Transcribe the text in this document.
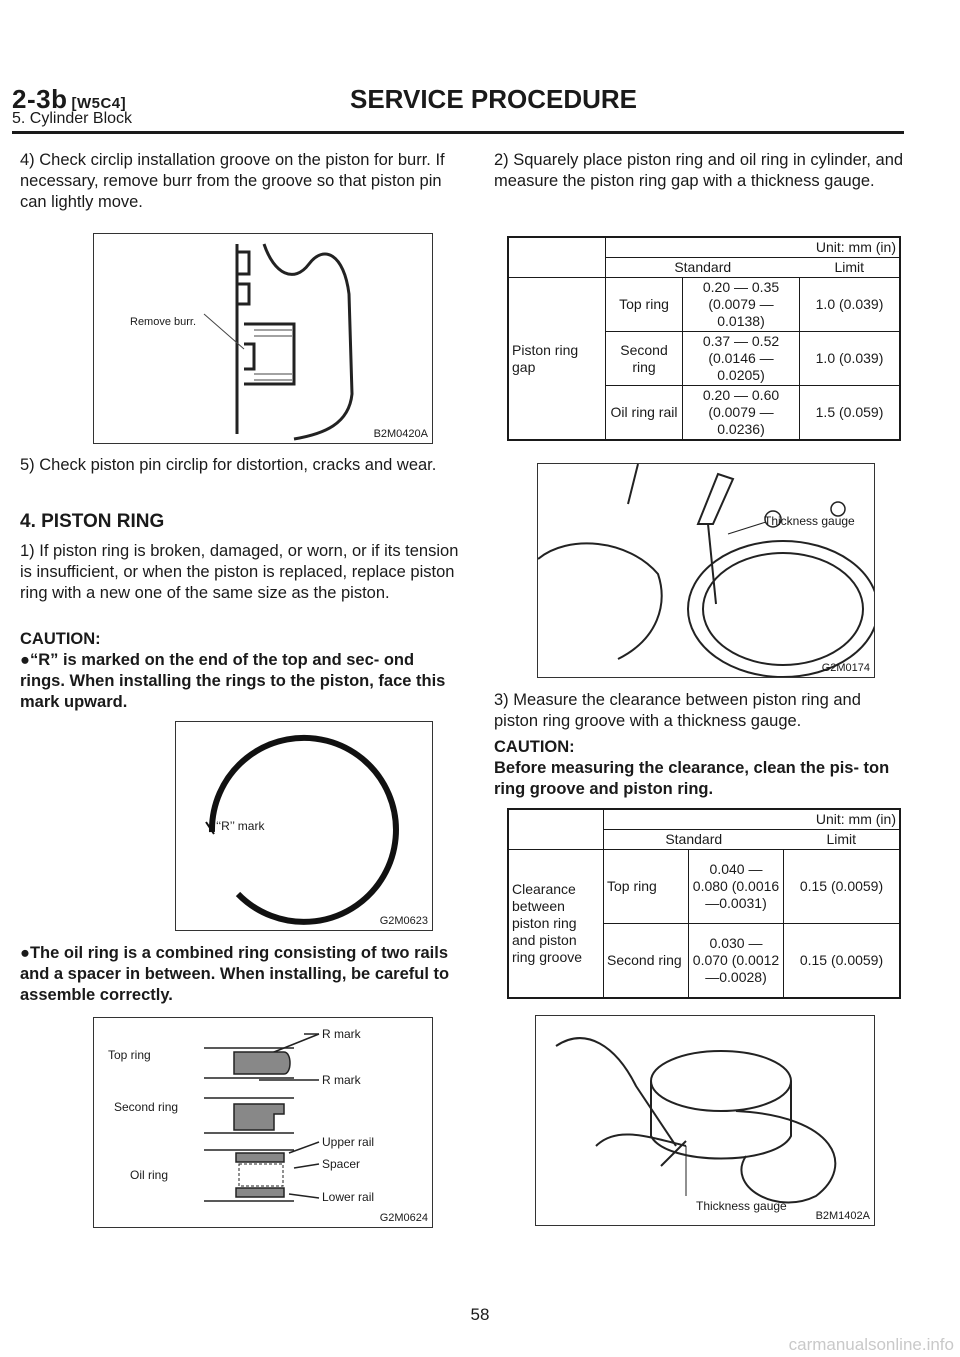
2-3b [W5C4]	SERVICE PROCEDURE
5. Cylinder Block

4) Check circlip installation groove on the piston for burr. If necessary, remove burr from the groove so that piston pin can lightly move.

Remove burr.
B2M0420A

5) Check piston pin circlip for distortion, cracks and wear.

4. PISTON RING

1) If piston ring is broken, damaged, or worn, or if its tension is insufficient, or when the piston is replaced, replace piston ring with a new one of the same size as the piston.

CAUTION:

●“R” is marked on the end of the top and sec- ond rings. When installing the rings to the piston, face this mark upward.

‘‘R’’ mark
G2M0623

●The oil ring is a combined ring consisting of two rails and a spacer in between. When installing, be careful to assemble correctly.

Top ring
Second ring
Oil ring
R mark
R mark
Upper rail
Spacer
Lower rail
G2M0624

2) Squarely place piston ring and oil ring in cylinder, and measure the piston ring gap with a thickness gauge.

	Unit: mm (in)		
	Standard		Limit
Piston ring gap	Top ring	0.20 — 0.35 (0.0079 — 0.0138)	1.0 (0.039)
	Second ring	0.37 — 0.52 (0.0146 — 0.0205)	1.0 (0.039)
	Oil ring rail	0.20 — 0.60 (0.0079 — 0.0236)	1.5 (0.059)
Thickness gauge
G2M0174

3) Measure the clearance between piston ring and piston ring groove with a thickness gauge.

CAUTION:

Before measuring the clearance, clean the pis- ton ring groove and piston ring.

	Unit: mm (in)		
	Standard		Limit
Clearance between piston ring and piston ring groove	Top ring	0.040 — 0.080 (0.0016 —0.0031)	0.15 (0.0059)
	Second ring	0.030 — 0.070 (0.0012 —0.0028)	0.15 (0.0059)
Thickness gauge
B2M1402A
58
carmanualsonline.info
